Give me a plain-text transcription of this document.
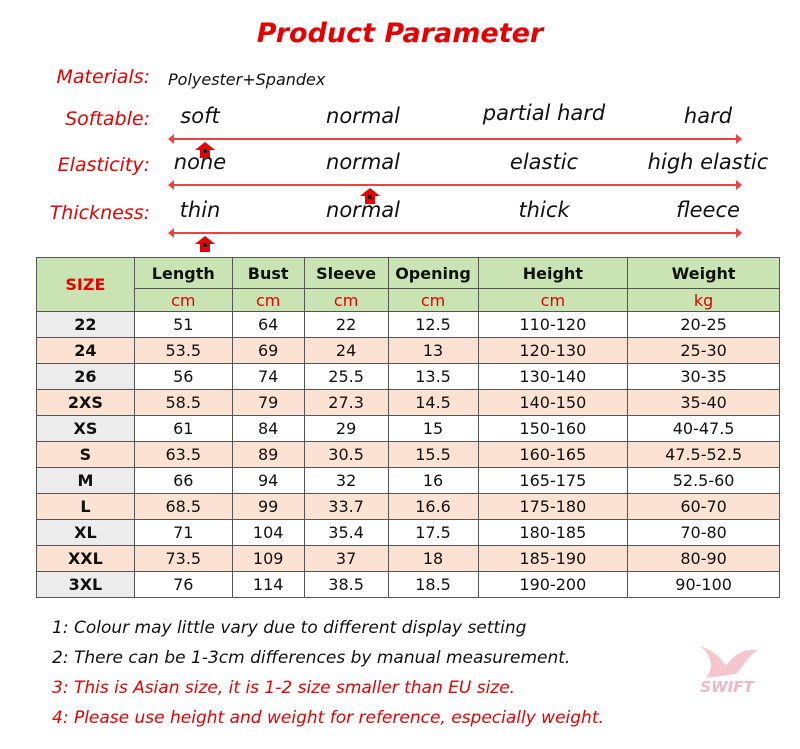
Product Parameter
Materials: Polyester+Spandex
Softable: soft	normal	partial hard	hard
Elasticity: none	normal	elastic	high elastic
Thickness: thin	normal	thick	fleece
SIZE	Length	Bust	Sleeve	Opening	Height	Weight
	cm	cm	cm	cm	cm	kg
22	51	64	22	12.5	110-120	20-25
24	53.5	69	24	13	120-130	25-30
26	56	74	25.5	13.5	130-140	30-35
2XS	58.5	79	27.3	14.5	140-150	35-40
XS	61	84	29	15	150-160	40-47.5
S	63.5	89	30.5	15.5	160-165	47.5-52.5
M	66	94	32	16	165-175	52.5-60
L	68.5	99	33.7	16.6	175-180	60-70
XL	71	104	35.4	17.5	180-185	70-80
XXL	73.5	109	37	18	185-190	80-90
3XL	76	114	38.5	18.5	190-200	90-100
1: Colour may little vary due to different display setting
2: There can be 1-3cm differences by manual measurement.
3: This is Asian size, it is 1-2 size smaller than EU size.
4: Please use height and weight for reference, especially weight.
SWIFT
